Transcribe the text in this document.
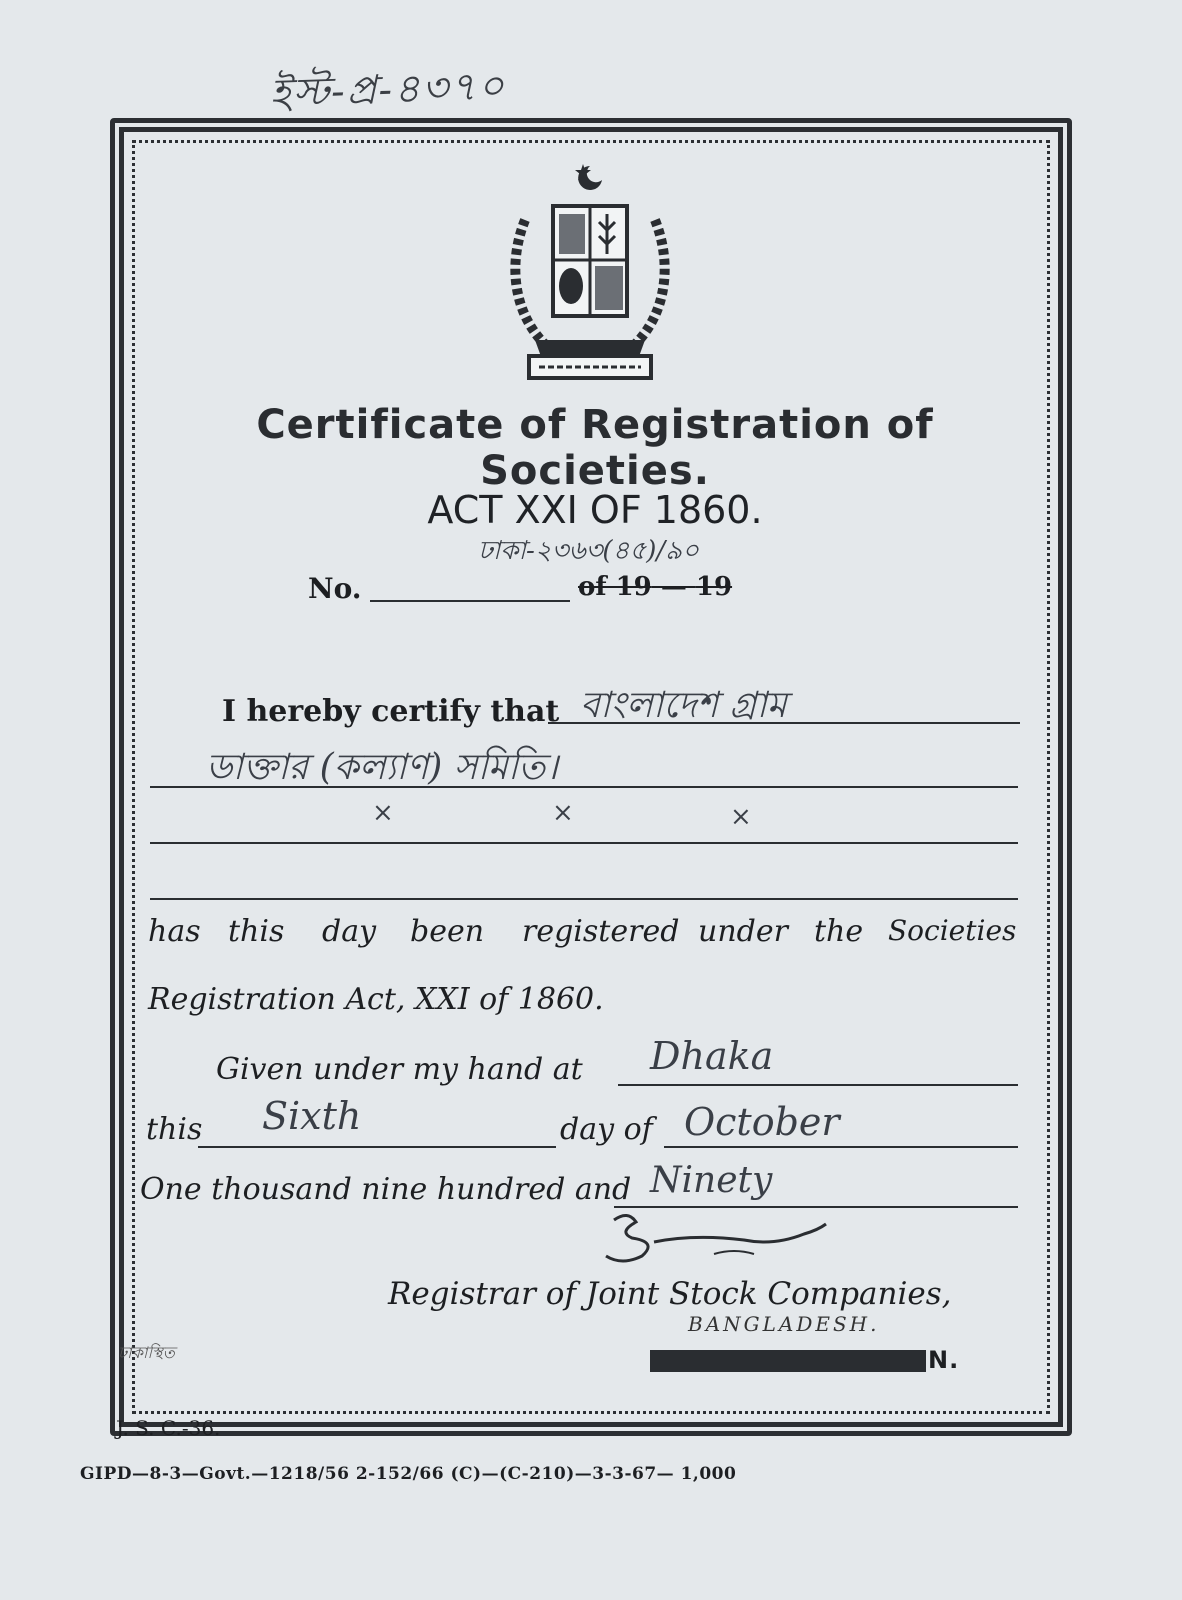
ইস্ট-প্র-৪৩৭০
Certificate of Registration of Societies.
ACT XXI OF 1860.
ঢাকা-২৩৬৩(৪৫)/৯০
No.	of 19 — 19
I hereby certify that বাংলাদেশ গ্রাম
ডাক্তার (কল্যাণ) সমিতি।
×	×	×
has this day been registered under the Societies
Registration Act, XXI of 1860.
Given under my hand at Dhaka
this Sixth	day of October
One thousand nine hundred and Ninety
Registrar of Joint Stock Companies,
BANGLADESH.
N.
ঢাকাস্থিত
J. S. C.-36.
GIPD—8-3—Govt.—1218/56 2-152/66 (C)—(C-210)—3-3-67— 1,000
